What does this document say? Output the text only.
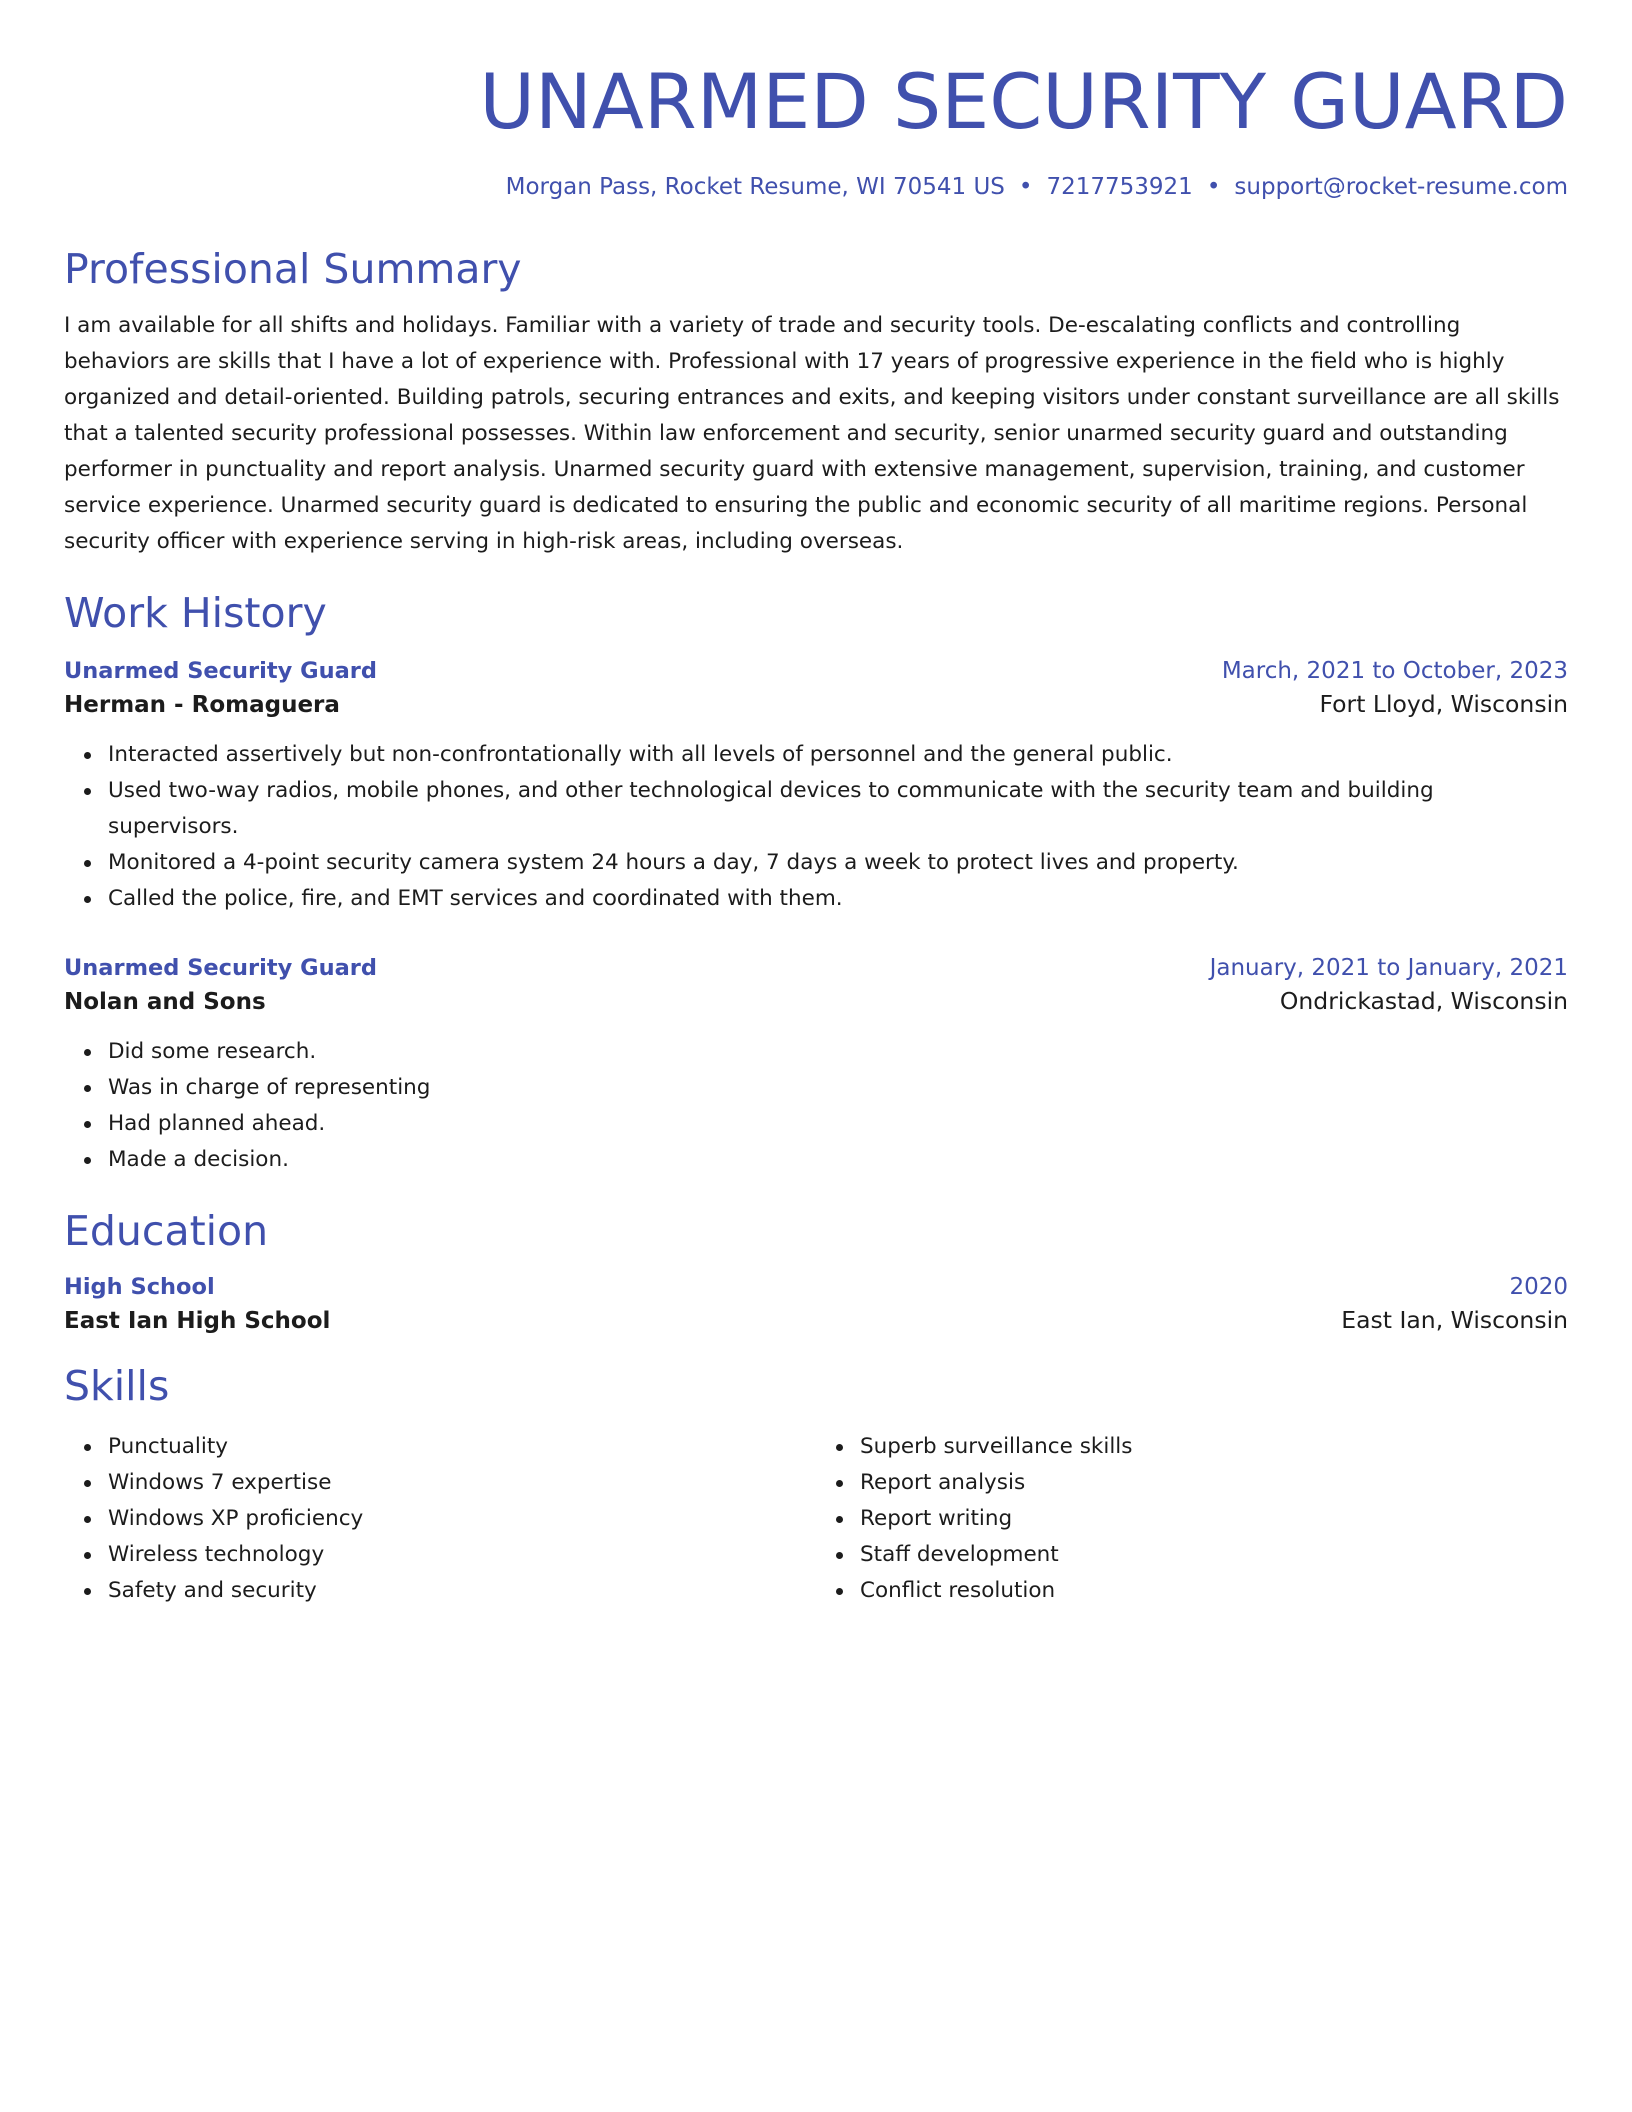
UNARMED SECURITY GUARD
Morgan Pass, Rocket Resume, WI 70541 US • 7217753921 • support@rocket-resume.com
Professional Summary
I am available for all shifts and holidays. Familiar with a variety of trade and security tools. De-escalating conflicts and controlling behaviors are skills that I have a lot of experience with. Professional with 17 years of progressive experience in the field who is highly organized and detail-oriented. Building patrols, securing entrances and exits, and keeping visitors under constant surveillance are all skills that a talented security professional possesses. Within law enforcement and security, senior unarmed security guard and outstanding performer in punctuality and report analysis. Unarmed security guard with extensive management, supervision, training, and customer service experience. Unarmed security guard is dedicated to ensuring the public and economic security of all maritime regions. Personal security officer with experience serving in high-risk areas, including overseas.
Work History
Unarmed Security Guard	March, 2021 to October, 2023
Herman - Romaguera	Fort Lloyd, Wisconsin
Interacted assertively but non-confrontationally with all levels of personnel and the general public.
Used two-way radios, mobile phones, and other technological devices to communicate with the security team and building supervisors.
Monitored a 4-point security camera system 24 hours a day, 7 days a week to protect lives and property.
Called the police, fire, and EMT services and coordinated with them.
Unarmed Security Guard	January, 2021 to January, 2021
Nolan and Sons	Ondrickastad, Wisconsin
Did some research.
Was in charge of representing
Had planned ahead.
Made a decision.
Education
High School	2020
East Ian High School	East Ian, Wisconsin
Skills
Punctuality
Windows 7 expertise
Windows XP proficiency
Wireless technology
Safety and security
Superb surveillance skills
Report analysis
Report writing
Staff development
Conflict resolution
